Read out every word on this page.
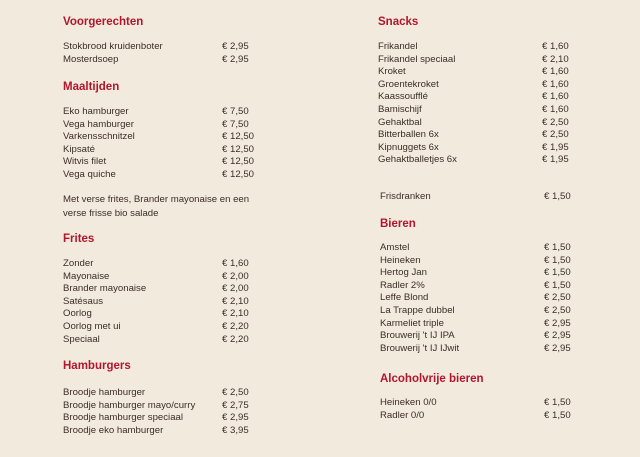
Voorgerechten
Stokbrood kruidenboter	€ 2,95
Mosterdsoep	€ 2,95
Maaltijden
Eko hamburger	€ 7,50
Vega hamburger	€ 7,50
Varkensschnitzel	€ 12,50
Kipsaté	€ 12,50
Witvis filet	€ 12,50
Vega quiche	€ 12,50
Met verse frites, Brander mayonaise en een
verse frisse bio salade
Frites
Zonder	€ 1,60
Mayonaise	€ 2,00
Brander mayonaise	€ 2,00
Satésaus	€ 2,10
Oorlog	€ 2,10
Oorlog met ui	€ 2,20
Speciaal	€ 2,20
Hamburgers
Broodje hamburger	€ 2,50
Broodje hamburger mayo/curry	€ 2,75
Broodje hamburger speciaal	€ 2,95
Broodje eko hamburger	€ 3,95
Snacks
Frikandel	€ 1,60
Frikandel speciaal	€ 2,10
Kroket	€ 1,60
Groentekroket	€ 1,60
Kaassoufflé	€ 1,60
Bamischijf	€ 1,60
Gehaktbal	€ 2,50
Bitterballen 6x	€ 2,50
Kipnuggets 6x	€ 1,95
Gehaktballetjes 6x	€ 1,95
Frisdranken	€ 1,50
Bieren
Amstel	€ 1,50
Heineken	€ 1,50
Hertog Jan	€ 1,50
Radler 2%	€ 1,50
Leffe Blond	€ 2,50
La Trappe dubbel	€ 2,50
Karmeliet triple	€ 2,95
Brouwerij 't IJ IPA	€ 2,95
Brouwerij 't IJ IJwit	€ 2,95
Alcoholvrije bieren
Heineken 0/0	€ 1,50
Radler 0/0	€ 1,50
